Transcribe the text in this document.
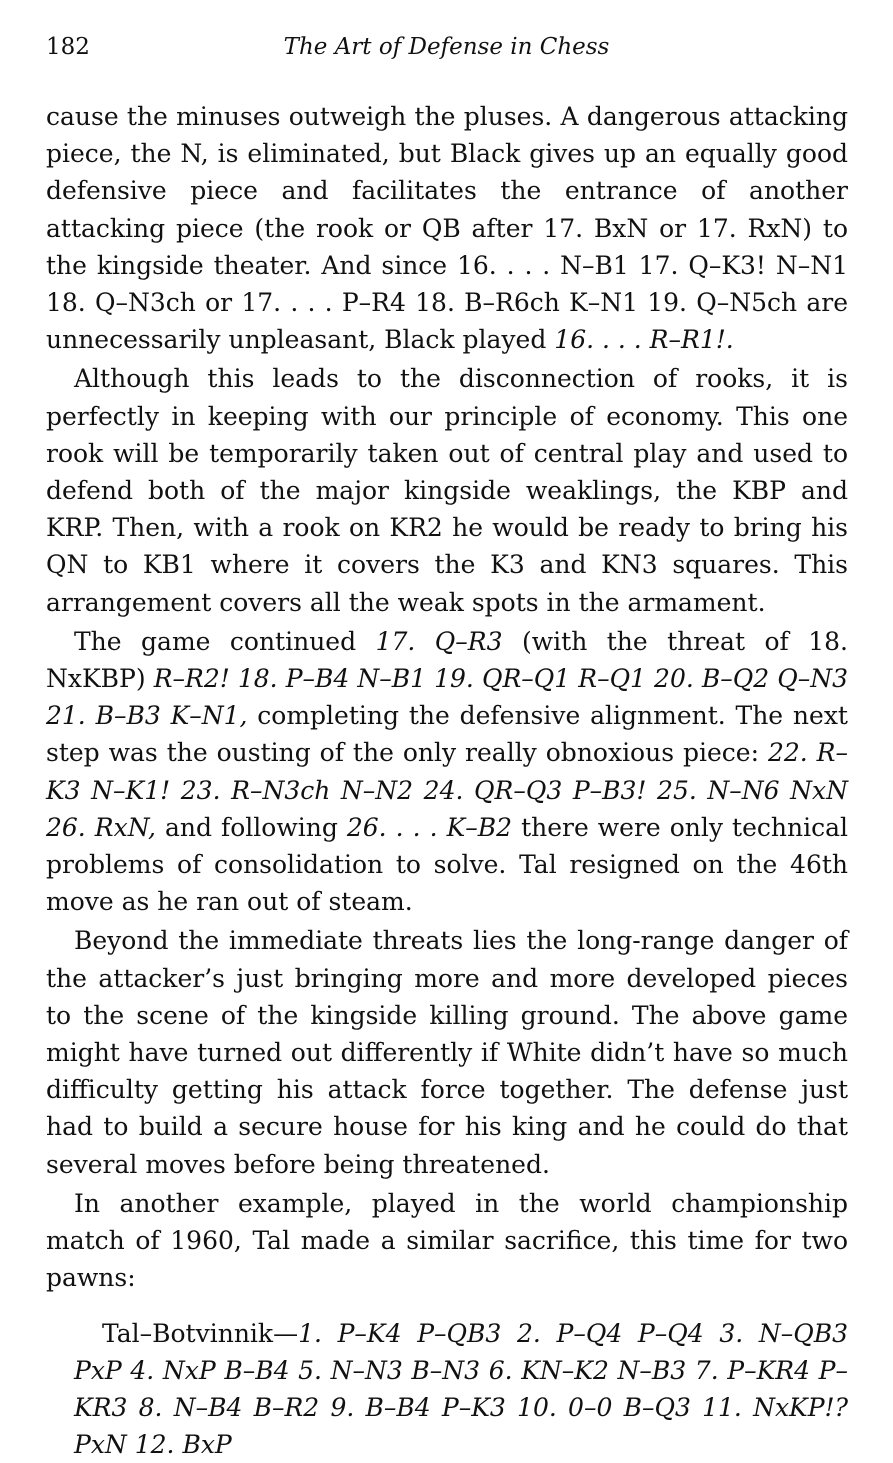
182	The Art of Defense in Chess

cause the minuses outweigh the pluses. A dangerous attacking piece, the N, is eliminated, but Black gives up an equally good defensive piece and facilitates the entrance of another attacking piece (the rook or QB after 17. BxN or 17. RxN) to the kingside theater. And since 16. . . . N–B1 17. Q–K3! N–N1 18. Q–N3ch or 17. . . . P–R4 18. B–R6ch K–N1 19. Q–N5ch are unnecessarily unpleasant, Black played 16. . . . R–R1!.

Although this leads to the disconnection of rooks, it is perfectly in keeping with our principle of economy. This one rook will be temporarily taken out of central play and used to defend both of the major kingside weaklings, the KBP and KRP. Then, with a rook on KR2 he would be ready to bring his QN to KB1 where it covers the K3 and KN3 squares. This arrangement covers all the weak spots in the armament.

The game continued 17. Q–R3 (with the threat of 18. NxKBP) R–R2! 18. P–B4 N–B1 19. QR–Q1 R–Q1 20. B–Q2 Q–N3 21. B–B3 K–N1, completing the defensive alignment. The next step was the ousting of the only really obnoxious piece: 22. R–K3 N–K1! 23. R–N3ch N–N2 24. QR–Q3 P–B3! 25. N–N6 NxN 26. RxN, and following 26. . . . K–B2 there were only technical problems of consolidation to solve. Tal resigned on the 46th move as he ran out of steam.

Beyond the immediate threats lies the long-range danger of the attacker’s just bringing more and more developed pieces to the scene of the kingside killing ground. The above game might have turned out differently if White didn’t have so much difficulty getting his attack force together. The defense just had to build a secure house for his king and he could do that several moves before being threatened.

In another example, played in the world championship match of 1960, Tal made a similar sacrifice, this time for two pawns:

Tal–Botvinnik—1. P–K4 P–QB3 2. P–Q4 P–Q4 3. N–QB3 PxP 4. NxP B–B4 5. N–N3 B–N3 6. KN–K2 N–B3 7. P–KR4 P–KR3 8. N–B4 B–R2 9. B–B4 P–K3 10. 0–0 B–Q3 11. NxKP!? PxN 12. BxP
